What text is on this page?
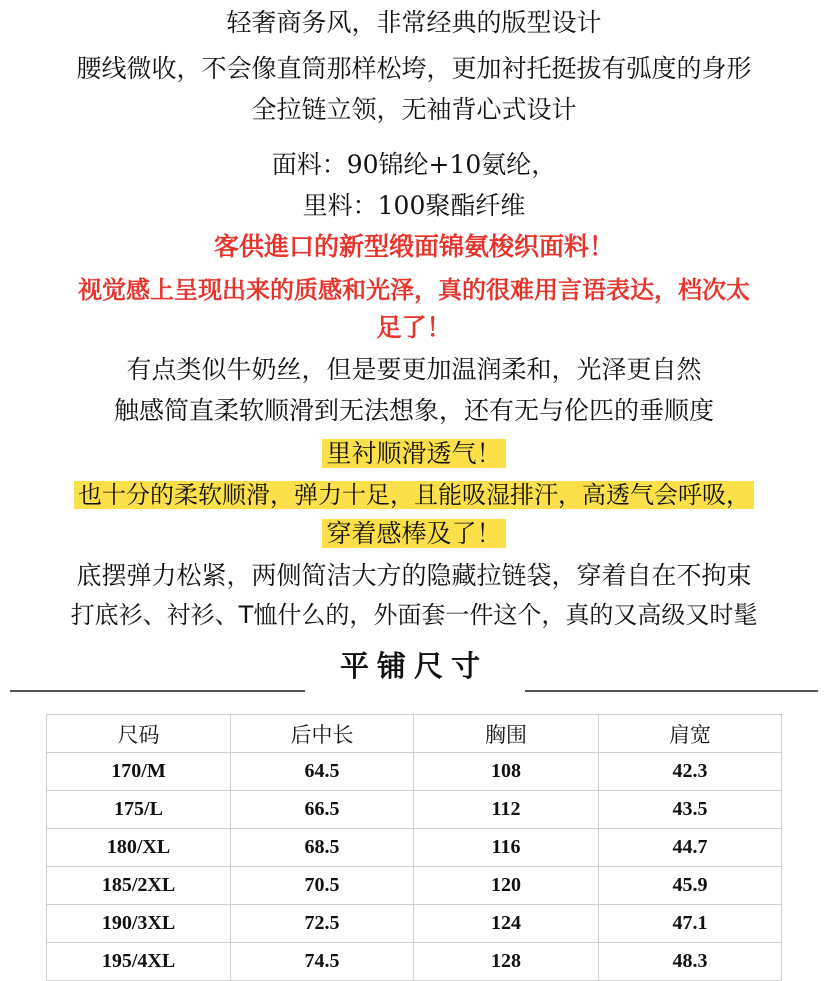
轻奢商务风，非常经典的版型设计
腰线微收，不会像直筒那样松垮，更加衬托挺拔有弧度的身形
全拉链立领，无袖背心式设计
面料：90锦纶+10氨纶，
里料：100聚酯纤维
客供進口的新型缎面锦氨梭织面料！
视觉感上呈现出来的质感和光泽，真的很难用言语表达，档次太
足了！
有点类似牛奶丝，但是要更加温润柔和，光泽更自然
触感简直柔软顺滑到无法想象，还有无与伦匹的垂顺度
里衬顺滑透气！
也十分的柔软顺滑，弹力十足，且能吸湿排汗，高透气会呼吸，
穿着感棒及了！
底摆弹力松紧，两侧简洁大方的隐藏拉链袋，穿着自在不拘束
打底衫、衬衫、T恤什么的，外面套一件这个，真的又高级又时髦
平铺尺寸
尺码	后中长	胸围	肩宽
170/M	64.5	108	42.3
175/L	66.5	112	43.5
180/XL	68.5	116	44.7
185/2XL	70.5	120	45.9
190/3XL	72.5	124	47.1
195/4XL	74.5	128	48.3
